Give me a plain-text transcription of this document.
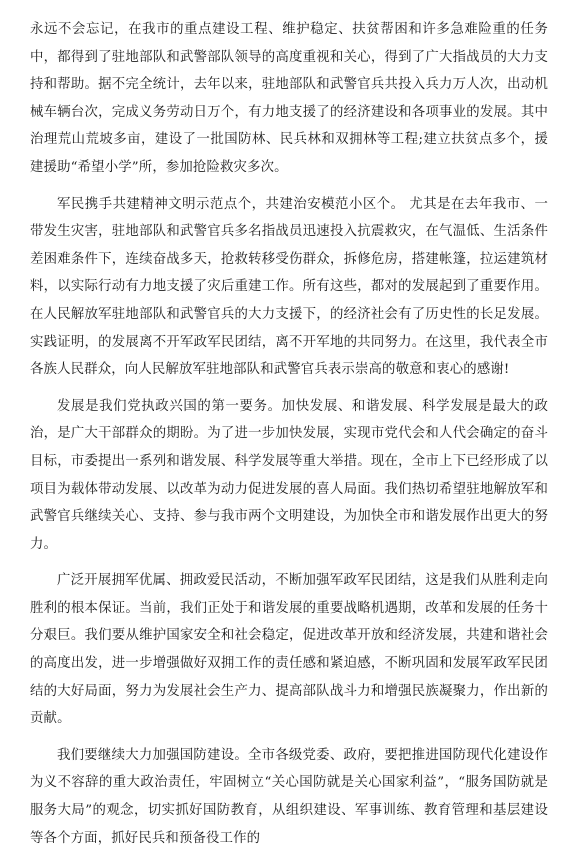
永远不会忘记，在我市的重点建设工程、维护稳定、扶贫帮困和许多急难险重的任务中，都得到了驻地部队和武警部队领导的高度重视和关心，得到了广大指战员的大力支持和帮助。据不完全统计，去年以来，驻地部队和武警官兵共投入兵力万人次，出动机械车辆台次，完成义务劳动日万个，有力地支援了的经济建设和各项事业的发展。其中治理荒山荒坡多亩，建设了一批国防林、民兵林和双拥林等工程;建立扶贫点多个，援建援助“希望小学”所，参加抢险救灾多次。

军民携手共建精神文明示范点个，共建治安模范小区个。 尤其是在去年我市、一带发生灾害，驻地部队和武警官兵多名指战员迅速投入抗震救灾，在气温低、生活条件差困难条件下，连续奋战多天，抢救转移受伤群众，拆修危房，搭建帐篷，拉运建筑材料，以实际行动有力地支援了灾后重建工作。所有这些，都对的发展起到了重要作用。在人民解放军驻地部队和武警官兵的大力支援下，的经济社会有了历史性的长足发展。实践证明，的发展离不开军政军民团结，离不开军地的共同努力。在这里，我代表全市各族人民群众，向人民解放军驻地部队和武警官兵表示崇高的敬意和衷心的感谢!

发展是我们党执政兴国的第一要务。加快发展、和谐发展、科学发展是最大的政治，是广大干部群众的期盼。为了进一步加快发展，实现市党代会和人代会确定的奋斗目标，市委提出一系列和谐发展、科学发展等重大举措。现在，全市上下已经形成了以项目为载体带动发展、以改革为动力促进发展的喜人局面。我们热切希望驻地解放军和武警官兵继续关心、支持、参与我市两个文明建设，为加快全市和谐发展作出更大的努力。

广泛开展拥军优属、拥政爱民活动，不断加强军政军民团结，这是我们从胜利走向胜利的根本保证。当前，我们正处于和谐发展的重要战略机遇期，改革和发展的任务十分艰巨。我们要从维护国家安全和社会稳定，促进改革开放和经济发展，共建和谐社会的高度出发，进一步增强做好双拥工作的责任感和紧迫感，不断巩固和发展军政军民团结的大好局面，努力为发展社会生产力、提高部队战斗力和增强民族凝聚力，作出新的贡献。

我们要继续大力加强国防建设。全市各级党委、政府，要把推进国防现代化建设作为义不容辞的重大政治责任，牢固树立“关心国防就是关心国家利益”，“服务国防就是服务大局”的观念，切实抓好国防教育，从组织建设、军事训练、教育管理和基层建设等各个方面，抓好民兵和预备役工作的
